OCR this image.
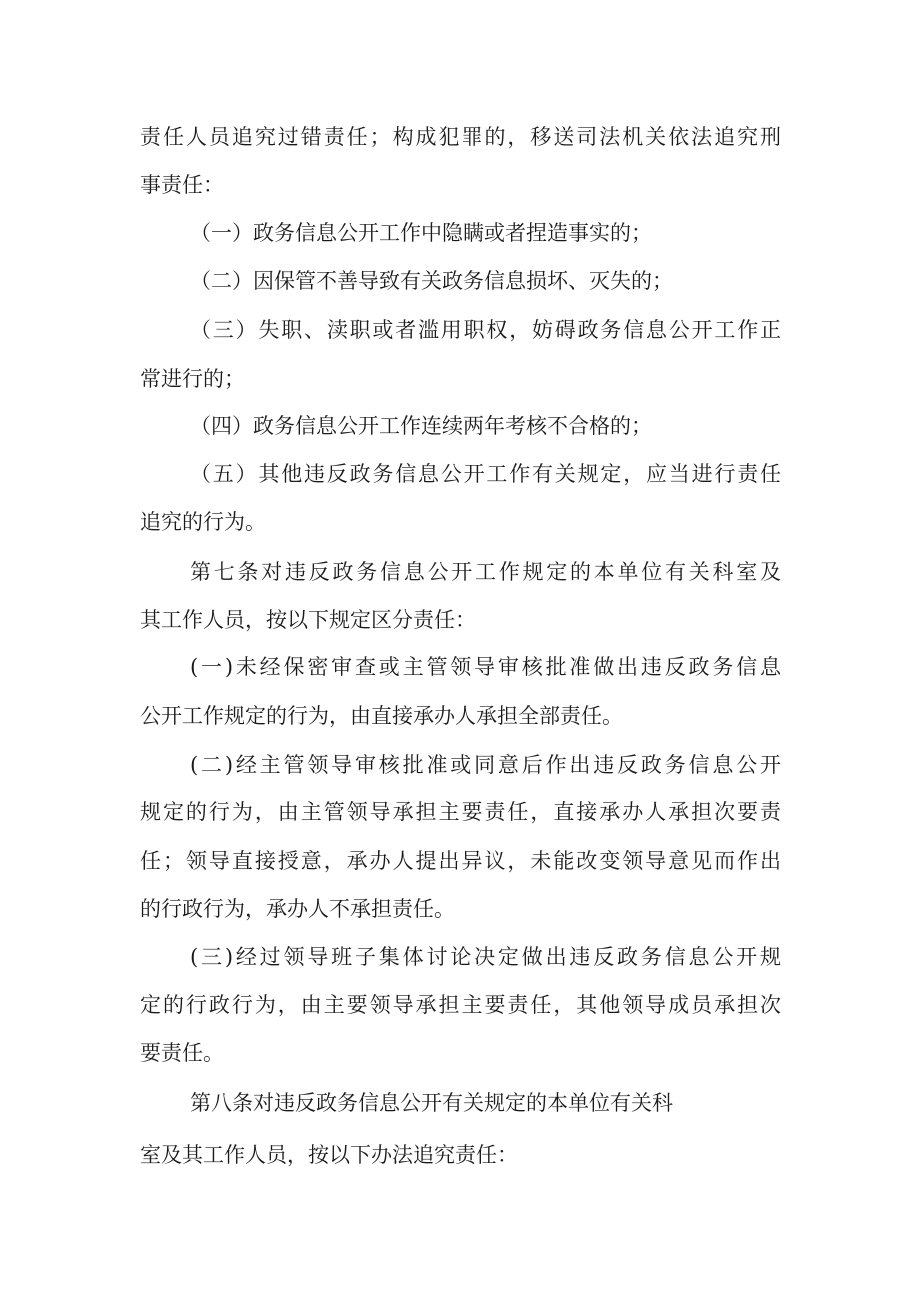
责任人员追究过错责任；构成犯罪的，移送司法机关依法追究刑
事责任：
（一）政务信息公开工作中隐瞒或者捏造事实的；
（二）因保管不善导致有关政务信息损坏、灭失的；
（三）失职、渎职或者滥用职权，妨碍政务信息公开工作正
常进行的；
（四）政务信息公开工作连续两年考核不合格的；
（五）其他违反政务信息公开工作有关规定，应当进行责任
追究的行为。
第七条对违反政务信息公开工作规定的本单位有关科室及
其工作人员，按以下规定区分责任：
(一)未经保密审查或主管领导审核批准做出违反政务信息
公开工作规定的行为，由直接承办人承担全部责任。
(二)经主管领导审核批准或同意后作出违反政务信息公开
规定的行为，由主管领导承担主要责任，直接承办人承担次要责
任；领导直接授意，承办人提出异议，未能改变领导意见而作出
的行政行为，承办人不承担责任。
(三)经过领导班子集体讨论决定做出违反政务信息公开规
定的行政行为，由主要领导承担主要责任，其他领导成员承担次
要责任。
第八条对违反政务信息公开有关规定的本单位有关科
室及其工作人员，按以下办法追究责任：
